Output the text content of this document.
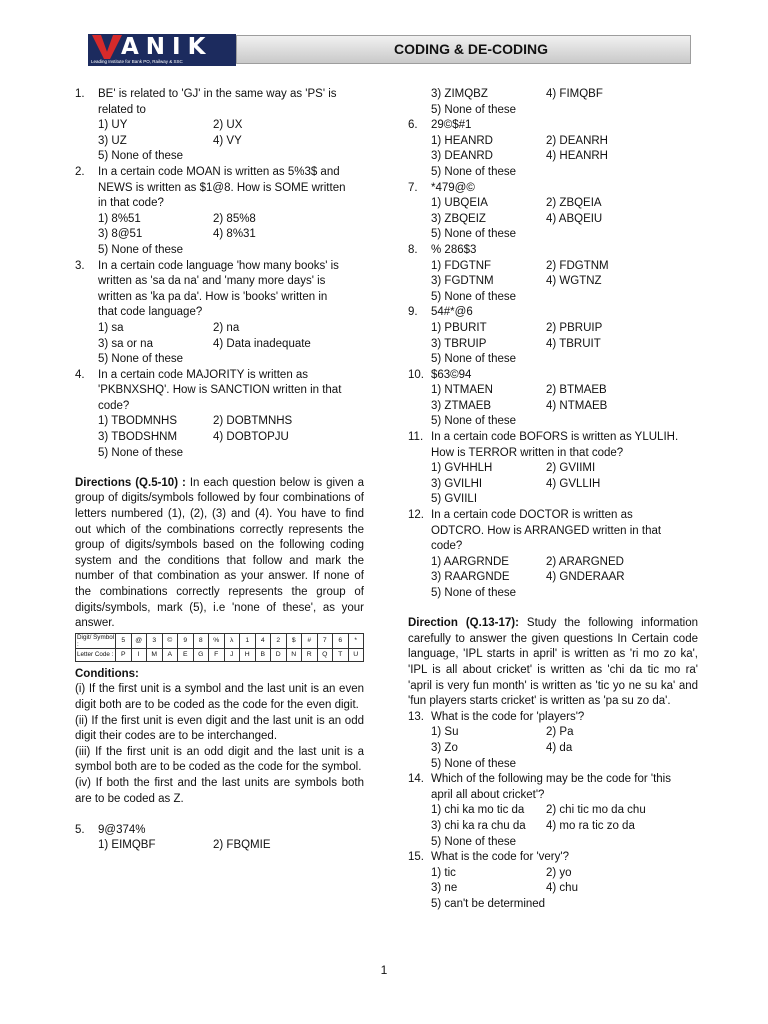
ANIK
Leading Institute for Bank PO, Railway & SSC
CODING & DE-CODING
1. BE' is related to 'GJ' in the same way as 'PS' is
related to
1) UY	2) UX
3) UZ	4) VY
5) None of these
2. In a certain code MOAN is written as 5%3$ and
NEWS is written as $1@8. How is SOME written
in that code?
1) 8%51	2) 85%8
3) 8@51	4) 8%31
5) None of these
3. In a certain code language 'how many books' is
written as 'sa da na' and 'many more days' is
written as 'ka pa da'. How is 'books' written in
that code language?
1) sa	2) na
3) sa or na	4) Data inadequate
5) None of these
4. In a certain code MAJORITY is written as
'PKBNXSHQ'. How is SANCTION written in that
code?
1) TBODMNHS	2) DOBTMNHS
3) TBODSHNM	4) DOBTOPJU
5) None of these
Directions (Q.5-10) : In each question below is given a group of digits/symbols followed by four combinations of letters numbered (1), (2), (3) and (4). You have to find out which of the combinations correctly represents the group of digits/symbols based on the following coding system and the conditions that follow and mark the number of that combination as your answer. If none of the combinations correctly represents the group of digits/symbols, mark (5), i.e 'none of these', as your answer.
Digit/ Symbol :	5	@	3	©	9	8	%	λ	1	4	2	$	#	7	6	*
Letter Code :	P	I	M	A	E	G	F	J	H	B	D	N	R	Q	T	U
Conditions:
(i) If the first unit is a symbol and the last unit is an even digit both are to be coded as the code for the even digit.
(ii) If the first unit is even digit and the last unit is an odd digit their codes are to be interchanged.
(iii) If the first unit is an odd digit and the last unit is a symbol both are to be coded as the code for the symbol.
(iv) If both the first and the last units are symbols both are to be coded as Z.
5. 9@374%
1) EIMQBF	2) FBQMIE
3) ZIMQBZ	4) FIMQBF
5) None of these
6. 29©$#1
1) HEANRD	2) DEANRH
3) DEANRD	4) HEANRH
5) None of these
7. *479@©
1) UBQEIA	2) ZBQEIA
3) ZBQEIZ	4) ABQEIU
5) None of these
8. % 286$3
1) FDGTNF	2) FDGTNM
3) FGDTNM	4) WGTNZ
5) None of these
9. 54#*@6
1) PBURIT	2) PBRUIP
3) TBRUIP	4) TBRUIT
5) None of these
10. $63©94
1) NTMAEN	2) BTMAEB
3) ZTMAEB	4) NTMAEB
5) None of these
11. In a certain code BOFORS is written as YLULIH.
How is TERROR written in that code?
1) GVHHLH	2) GVIIMI
3) GVILHI	4) GVLLIH
5) GVIILI
12. In a certain code DOCTOR is written as
ODTCRO. How is ARRANGED written in that
code?
1) AARGRNDE	2) ARARGNED
3) RAARGNDE	4) GNDERAAR
5) None of these
Direction (Q.13-17): Study the following information carefully to answer the given questions In Certain code language, 'IPL starts in april' is written as 'ri mo zo ka', 'IPL is all about cricket' is written as 'chi da tic mo ra' 'april is very fun month' is written as 'tic yo ne su ka' and 'fun players starts cricket' is written as 'pa su zo da'.
13. What is the code for 'players'?
1) Su	2) Pa
3) Zo	4) da
5) None of these
14. Which of the following may be the code for 'this
april all about cricket'?
1) chi ka mo tic da	2) chi tic mo da chu
3) chi ka ra chu da	4) mo ra tic zo da
5) None of these
15. What is the code for 'very'?
1) tic	2) yo
3) ne	4) chu
5) can't be determined
1
